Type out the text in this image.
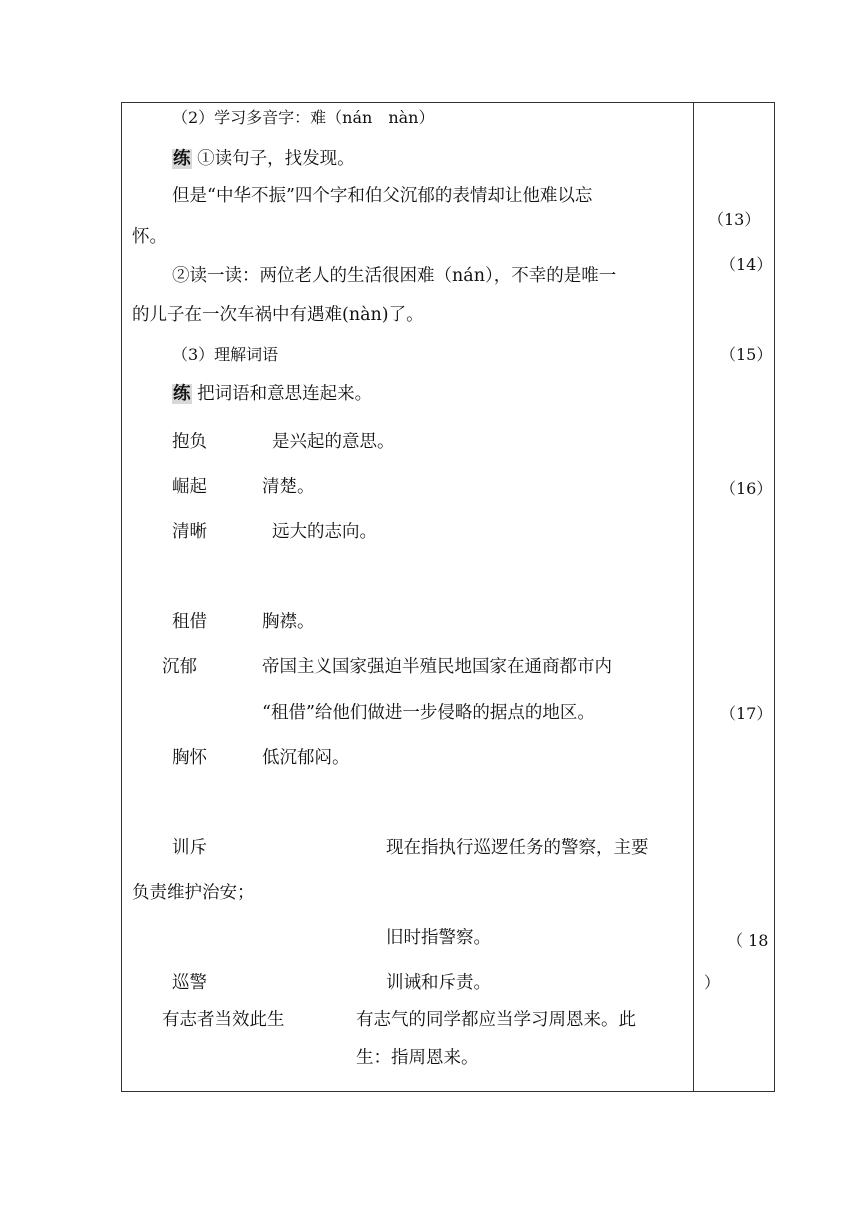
（2）学习多音字：难（nán　nàn）
练 ①读句子，找发现。
但是“中华不振”四个字和伯父沉郁的表情却让他难以忘
怀。
②读一读：两位老人的生活很困难（nán），不幸的是唯一
的儿子在一次车祸中有遇难(nàn)了。
（3）理解词语
练 把词语和意思连起来。
抱负	是兴起的意思。
崛起	清楚。
清晰	远大的志向。
租借	胸襟。
沉郁	帝国主义国家强迫半殖民地国家在通商都市内
“租借”给他们做进一步侵略的据点的地区。
胸怀	低沉郁闷。
训斥	现在指执行巡逻任务的警察，主要
负责维护治安；
旧时指警察。
巡警	训诫和斥责。
有志者当效此生	有志气的同学都应当学习周恩来。此
生：指周恩来。
（13）
（14）
（15）
（16）
（17）
（ 18
）
